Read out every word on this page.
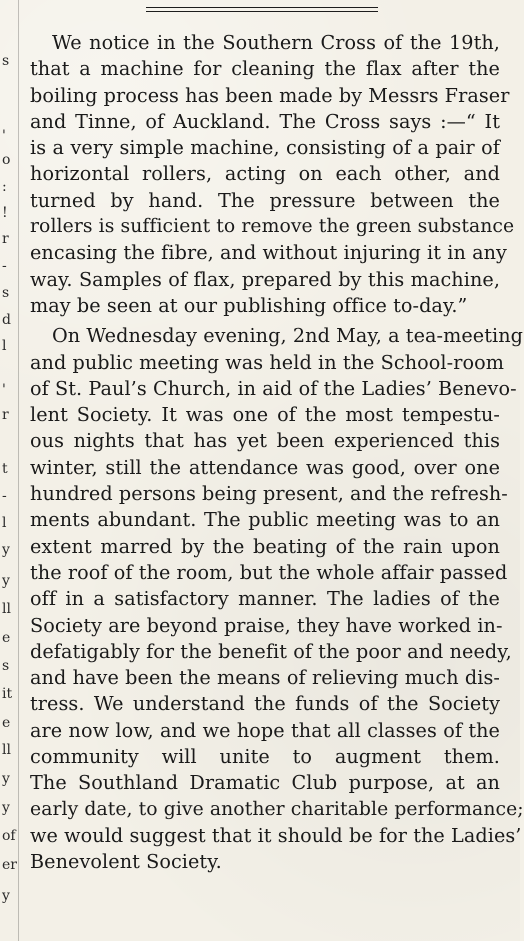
s
'
o
:
!
r
-
s
d
l
'
r
t
-
l
y
y
ll
e
s
it
e
ll
y
y
of
er
y
We notice in the Southern Cross of the 19th,
that a machine for cleaning the flax after the
boiling process has been made by Messrs Fraser
and Tinne, of Auckland. The Cross says :—“ It
is a very simple machine, consisting of a pair of
horizontal rollers, acting on each other, and
turned by hand. The pressure between the
rollers is sufficient to remove the green substance
encasing the fibre, and without injuring it in any
way. Samples of flax, prepared by this machine,
may be seen at our publishing office to-day.”
On Wednesday evening, 2nd May, a tea-meeting
and public meeting was held in the School-room
of St. Paul’s Church, in aid of the Ladies’ Benevo-
lent Society. It was one of the most tempestu-
ous nights that has yet been experienced this
winter, still the attendance was good, over one
hundred persons being present, and the refresh-
ments abundant. The public meeting was to an
extent marred by the beating of the rain upon
the roof of the room, but the whole affair passed
off in a satisfactory manner. The ladies of the
Society are beyond praise, they have worked in-
defatigably for the benefit of the poor and needy,
and have been the means of relieving much dis-
tress. We understand the funds of the Society
are now low, and we hope that all classes of the
community will unite to augment them.
The Southland Dramatic Club purpose, at an
early date, to give another charitable performance;
we would suggest that it should be for the Ladies’
Benevolent Society.
